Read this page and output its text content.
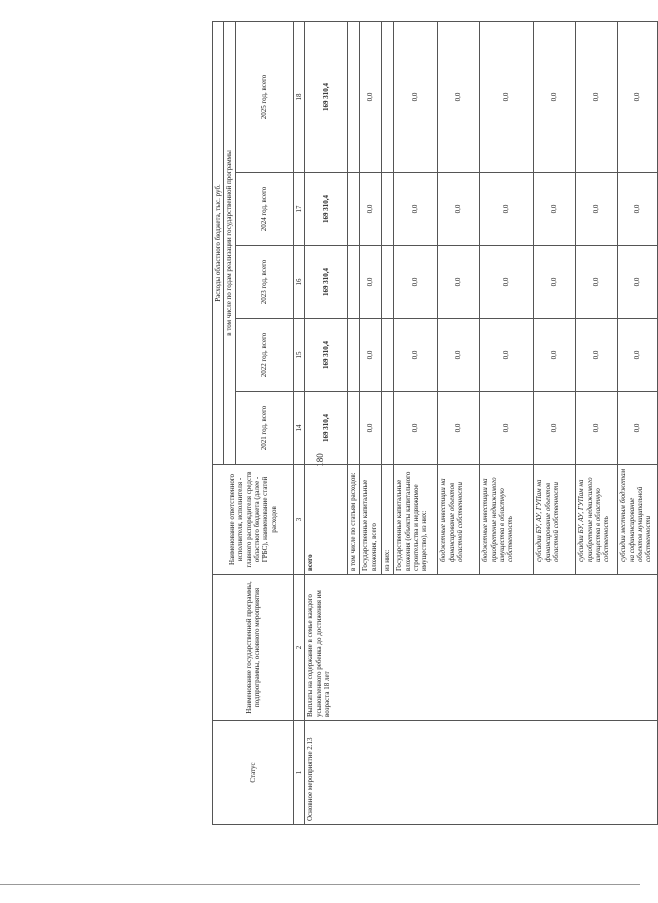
180
Статус	Наименование государственной программы, подпрограммы, основного мероприятия	Наименование ответственного исполнителя, исполнителя - главного распорядителя средств областного бюджета (далее - ГРБС), наименование статей расходов	Расходы областного бюджета, тыс. руб.				
			в том числе по годам реализации государственной программы				
			2021 год, всего	2022 год, всего	2023 год, всего	2024 год, всего	2025 год, всего
1	2	3	14	15	16	17	18
Основное мероприятие 2.13	Выплаты на содержание в семье каждого усыновленного ребенка до достижения им возраста 18 лет	всего	169 310,4	169 310,4	169 310,4	169 310,4	169 310,4
		в том числе по статьям расходов:					
		Государственные капитальные вложения, всего	0,0	0,0	0,0	0,0	0,0
		из них:					
		Государственные капитальные вложения (объекты капитального строительства и недвижимое имущество), из них:	0,0	0,0	0,0	0,0	0,0
		бюджетные инвестиции на финансирование объектов областной собственности	0,0	0,0	0,0	0,0	0,0
		бюджетные инвестиции на приобретение недвижимого имущества в областную собственность	0,0	0,0	0,0	0,0	0,0
		субсидии БУ, АУ, ГУПам на финансирование объектов областной собственности	0,0	0,0	0,0	0,0	0,0
		субсидии БУ, АУ, ГУПам на приобретение недвижимого имущества в областную собственность	0,0	0,0	0,0	0,0	0,0
		субсидии местным бюджетам на софинансирование объектов муниципальной собственности	0,0	0,0	0,0	0,0	0,0
